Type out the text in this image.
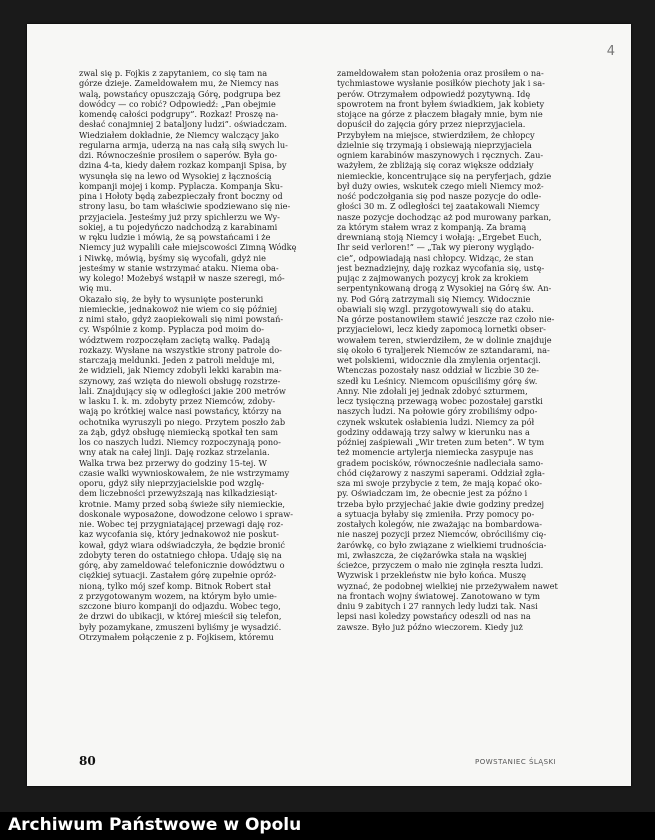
4
zwal się p. Fojkis z zapytaniem, co się tam na
górze dzieje. Zameldowałem mu, że Niemcy nas
walą, powstańcy opuszczają Górę, podgrupa bez
dowódcy — co robić? Odpowiedź: „Pan obejmie
komendę całości podgrupy”. Rozkaz! Proszę na-
desłać conajmniej 2 bataljony ludzi”. oświadczam.
Wiedziałem dokładnie, że Niemcy walczący jako
regularna armja, uderzą na nas całą siłą swych lu-
dzi. Równocześnie prosiłem o saperów. Była go-
dzina 4-ta, kiedy dałem rozkaz kompanji Spisa, by
wysunęła się na lewo od Wysokiej z łącznością
kompanji mojej i komp. Pyplacza. Kompanja Sku-
pina i Hołoty będą zabezpieczały front boczny od
strony lasu, bo tam właściwie spodziewano się nie-
przyjaciela. Jesteśmy już przy spichlerzu we Wy-
sokiej, a tu pojedyńczo nadchodzą z karabinami
w ręku ludzie i mówią, że są powstańcami i że
Niemcy już wypalili całe miejscowości Zimną Wódkę
i Niwkę, mówią, byśmy się wycofali, gdyż nie
jesteśmy w stanie wstrzymać ataku. Niema oba-
wy kolego! Możebyś wstąpił w nasze szeregi, mó-
wię mu.
Okazało się, że były to wysunięte posterunki
niemieckie, jednakowoż nie wiem co się później
z nimi stało, gdyż zaopiekowali się nimi powstań-
cy. Wspólnie z komp. Pyplacza pod moim do-
wództwem rozpoczęłam zaciętą walkę. Padają
rozkazy. Wysłane na wszystkie strony patrole do-
starczają meldunki. Jeden z patroli melduje mi,
że widzieli, jak Niemcy zdobyli lekki karabin ma-
szynowy, zaś wzięta do niewoli obsługę rozstrze-
lali. Znajdujący się w odległości jakie 200 metrów
w lasku I. k. m. zdobyty przez Niemców, zdoby-
wają po krótkiej walce nasi powstańcy, którzy na
ochotnika wyruszyli po niego. Przytem poszło żab
za żąb, gdyż obsługę niemiecką spotkał ten sam
los co naszych ludzi. Niemcy rozpoczynają pono-
wny atak na całej linji. Daję rozkaz strzelania.
Walka trwa bez przerwy do godziny 15-tej. W
czasie walki wywnioskowałem, że nie wstrzymamy
oporu, gdyż siły nieprzyjacielskie pod wzglę-
dem liczebności przewyższają nas kilkadziesiąt-
krotnie. Mamy przed sobą świeże siły niemieckie,
doskonale wyposażone, dowodzone celowo i spraw-
nie. Wobec tej przygniatającej przewagi daję roz-
kaz wycofania się, który jednakowoż nie poskut-
kował, gdyż wiara odświadczyła, że będzie bronić
zdobyty teren do ostatniego chłopa. Udaję się na
górę, aby zameldować telefonicznie dowództwu o
ciężkiej sytuacji. Zastałem górę zupełnie opróż-
nioną, tylko mój szef komp. Bitnok Robert stał
z przygotowanym wozem, na którym było umie-
szczone biuro kompanji do odjazdu. Wobec tego,
że drzwi do ubikacji, w której mieścił się telefon,
były pozamykane, zmuszeni byliśmy je wysadzić.
Otrzymałem połączenie z p. Fojkisem, któremu
zameldowałem stan położenia oraz prosiłem o na-
tychmiastowe wysłanie posiłków piechoty jak i sa-
perów. Otrzymałem odpowiedź pozytywną. Idę
spowrotem na front byłem świadkiem, jak kobiety
stojące na górze z płaczem błagały mnie, bym nie
dopuścił do zajęcia góry przez nieprzyjaciela.
Przybyłem na miejsce, stwierdziłem, że chłopcy
dzielnie się trzymają i obsiewają nieprzyjaciela
ogniem karabinów maszynowych i ręcznych. Zau-
ważyłem, że zbliżają się coraz większe oddziały
niemieckie, koncentrujące się na peryferjach, gdzie
był duży owies, wskutek czego mieli Niemcy moż-
ność podczołgania się pod nasze pozycje do odle-
głości 30 m. Z odległości tej zaatakowali Niemcy
nasze pozycje dochodząc aż pod murowany parkan,
za którym stałem wraz z kompanją. Za bramą
drewnianą stoją Niemcy i wołają: „Ergebet Euch,
Ihr seid verloren!” — „Tak wy pierony wyglądo-
cie”, odpowiadają nasi chłopcy. Widząc, że stan
jest beznadziejny, daję rozkaz wycofania się, ustę-
pując z zajmowanych pozycyj krok za krokiem
serpentynkowaną drogą z Wysokiej na Górę św. An-
ny. Pod Górą zatrzymali się Niemcy. Widocznie
obawiali się wzgl. przygotowywali się do ataku.
Na górze postanowiłem stawić jeszcze raz czoło nie-
przyjacielowi, lecz kiedy zapomocą lornetki obser-
wowałem teren, stwierdziłem, że w dolinie znajduje
się około 6 tyraljerek Niemców ze sztandarami, na-
wet polskiemi, widocznie dla zmylenia orjentacji.
Wtenczas pozostały nasz oddział w liczbie 30 że-
szedł ku Leśnicy. Niemcom opuściliśmy górę św.
Anny. Nie zdołali jej jednak zdobyć szturmem,
lecz tysięczną przewagą wobec pozostałej garstki
naszych ludzi. Na połowie góry zrobiliśmy odpo-
czynek wskutek osłabienia ludzi. Niemcy za pół
godziny oddawają trzy salwy w kierunku nas a
później zaśpiewali „Wir treten zum beten”. W tym
też momencie artylerja niemiecka zasypuje nas
gradem pocisków, równocześnie nadleciała samo-
chód ciężarowy z naszymi saperami. Oddział zgła-
sza mi swoje przybycie z tem, że mają kopać oko-
py. Oświadczam im, że obecnie jest za późno i
trzeba było przyjechać jakie dwie godziny predzej
a sytuacja byłaby się zmieniła. Przy pomocy po-
zostałych kolegów, nie zważając na bombardowa-
nie naszej pozycji przez Niemców, obróciliśmy cię-
żarówkę, co było związane z wielkiemi trudnościa-
mi, zwłaszcza, że ciężarówka stała na wąskiej
ścieżce, przyczem o mało nie zginęła reszta ludzi.
Wyzwisk i przekleństw nie było końca. Muszę
wyznać, że podobnej wielkiej nie przeżywałem nawet
na frontach wojny światowej. Zanotowano w tym
dniu 9 zabitych i 27 rannych ledy ludzi tak. Nasi
lepsi nasi koledzy powstańcy odeszli od nas na
zawsze. Było już późno wieczorem. Kiedy już
80	POWSTANIEC ŚLĄSKI
Archiwum Państwowe w Opolu
